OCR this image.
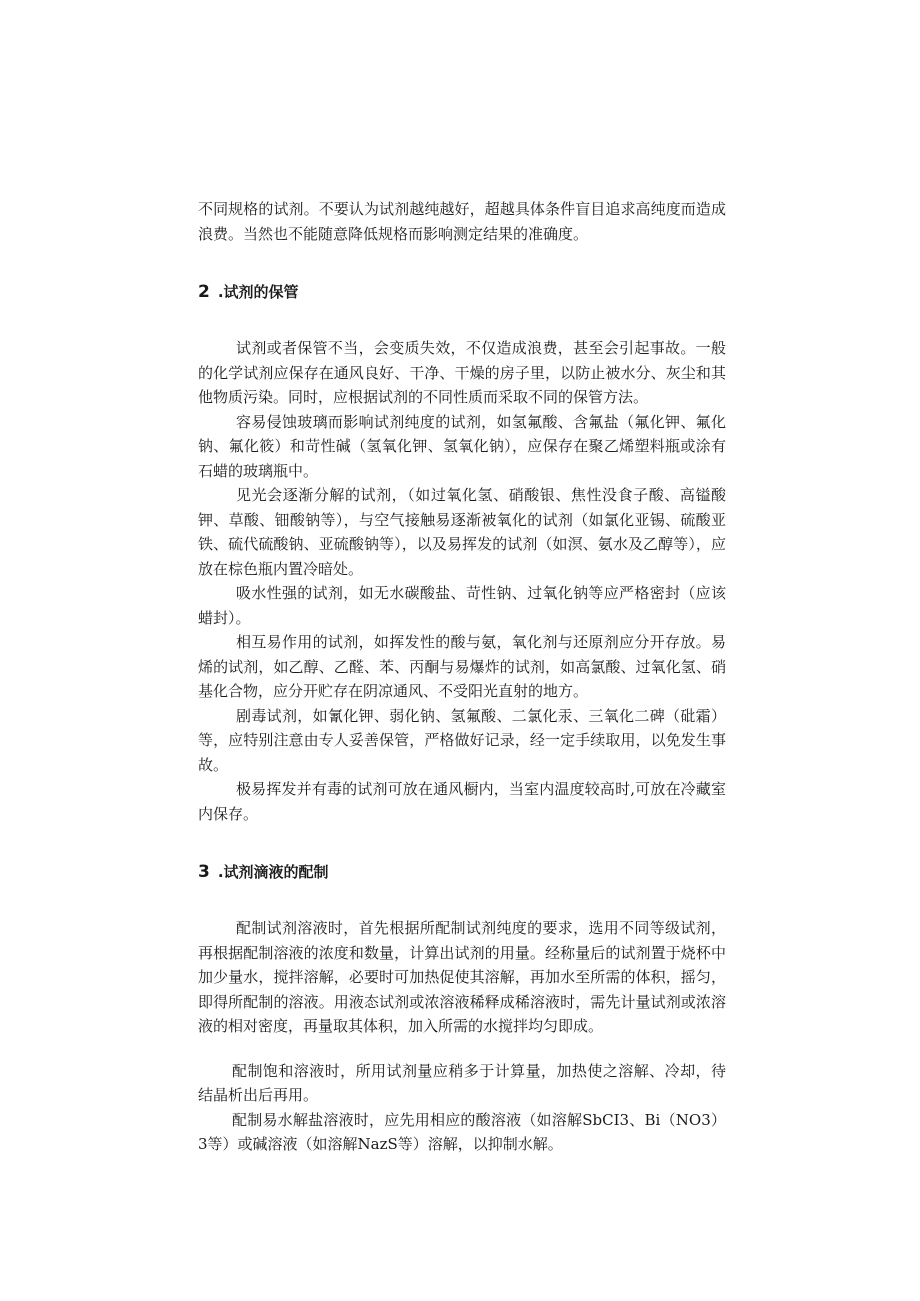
不同规格的试剂。不要认为试剂越纯越好，超越具体条件盲目追求高纯度而造成浪费。当然也不能随意降低规格而影响测定结果的准确度。

2 .试剂的保管

试剂或者保管不当，会变质失效，不仅造成浪费，甚至会引起事故。一般的化学试剂应保存在通风良好、干净、干燥的房子里，以防止被水分、灰尘和其他物质污染。同时，应根据试剂的不同性质而采取不同的保管方法。

容易侵蚀玻璃而影响试剂纯度的试剂，如氢氟酸、含氟盐（氟化钾、氟化钠、氟化筱）和苛性碱（氢氧化钾、氢氧化钠），应保存在聚乙烯塑料瓶或涂有石蜡的玻璃瓶中。

见光会逐渐分解的试剂，（如过氧化氢、硝酸银、焦性没食子酸、高镒酸钾、草酸、钿酸钠等），与空气接触易逐渐被氧化的试剂（如氯化亚锡、硫酸亚铁、硫代硫酸钠、亚硫酸钠等），以及易挥发的试剂（如溟、氨水及乙醇等），应放在棕色瓶内置冷暗处。

吸水性强的试剂，如无水碳酸盐、苛性钠、过氧化钠等应严格密封（应该蜡封）。

相互易作用的试剂，如挥发性的酸与氨，氧化剂与还原剂应分开存放。易烯的试剂，如乙醇、乙醛、苯、丙酮与易爆炸的试剂，如高氯酸、过氧化氢、硝基化合物，应分开贮存在阴凉通风、不受阳光直射的地方。

剧毒试剂，如氰化钾、弱化钠、氢氟酸、二氯化汞、三氧化二碑（砒霜）等，应特别注意由专人妥善保管，严格做好记录，经一定手续取用，以免发生事故。

极易挥发并有毒的试剂可放在通风橱内，当室内温度较高时,可放在冷藏室内保存。

3 .试剂滴液的配制

配制试剂溶液时，首先根据所配制试剂纯度的要求，选用不同等级试剂，再根据配制溶液的浓度和数量，计算出试剂的用量。经称量后的试剂置于烧杯中加少量水，搅拌溶解，必要时可加热促使其溶解，再加水至所需的体积，摇匀，即得所配制的溶液。用液态试剂或浓溶液稀释成稀溶液时，需先计量试剂或浓溶液的相对密度，再量取其体积，加入所需的水搅拌均匀即成。

配制饱和溶液时，所用试剂量应稍多于计算量，加热使之溶解、冷却，待结晶析出后再用。

配制易水解盐溶液时，应先用相应的酸溶液（如溶解SbCI3、Bi（NO3）3等）或碱溶液（如溶解NazS等）溶解，以抑制水解。
